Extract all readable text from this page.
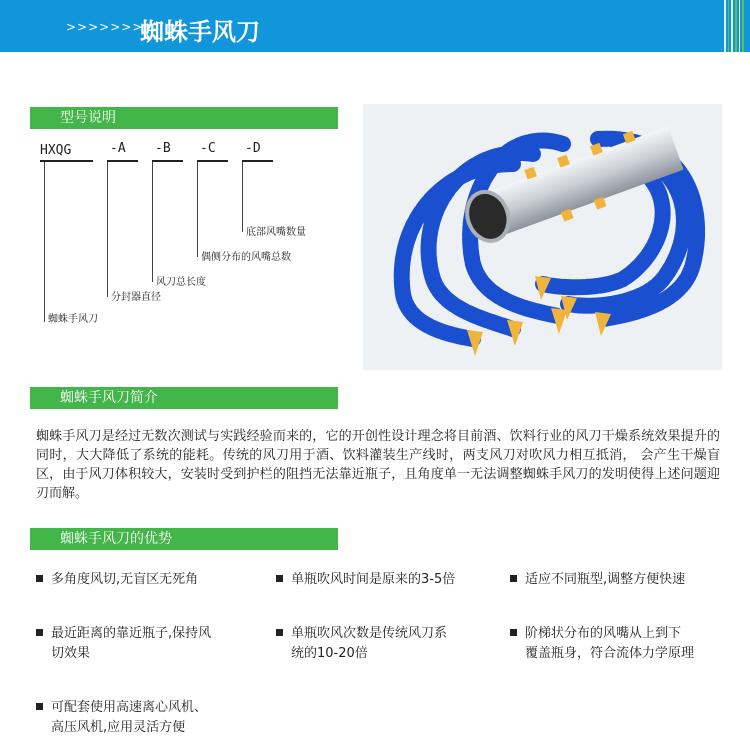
>>>>>>>
蜘蛛手风刀
型号说明
HXQG	-A -B -C -D
底部风嘴数量
偶侧分布的风嘴总数
风刀总长度
分封器直径
蜘蛛手风刀
蜘蛛手风刀简介
蜘蛛手风刀是经过无数次测试与实践经验而来的，它的开创性设计理念将目前酒、饮料行业的风刀干燥系统效果提升的同时，大大降低了系统的能耗。传统的风刀用于酒、饮料灌装生产线时，两支风刀对吹风力相互抵消， 会产生干燥盲区，由于风刀体积较大，安装时受到护栏的阻挡无法靠近瓶子，且角度单一无法调整蜘蛛手风刀的发明使得上述问题迎刃而解。
蜘蛛手风刀的优势
多角度风切,无盲区无死角	单瓶吹风时间是原来的3-5倍	适应不同瓶型,调整方便快速
最近距离的靠近瓶子,保持风
切效果
单瓶吹风次数是传统风刀系
统的10-20倍
阶梯状分布的风嘴从上到下
覆盖瓶身，符合流体力学原理
可配套使用高速离心风机、
高压风机,应用灵活方便
